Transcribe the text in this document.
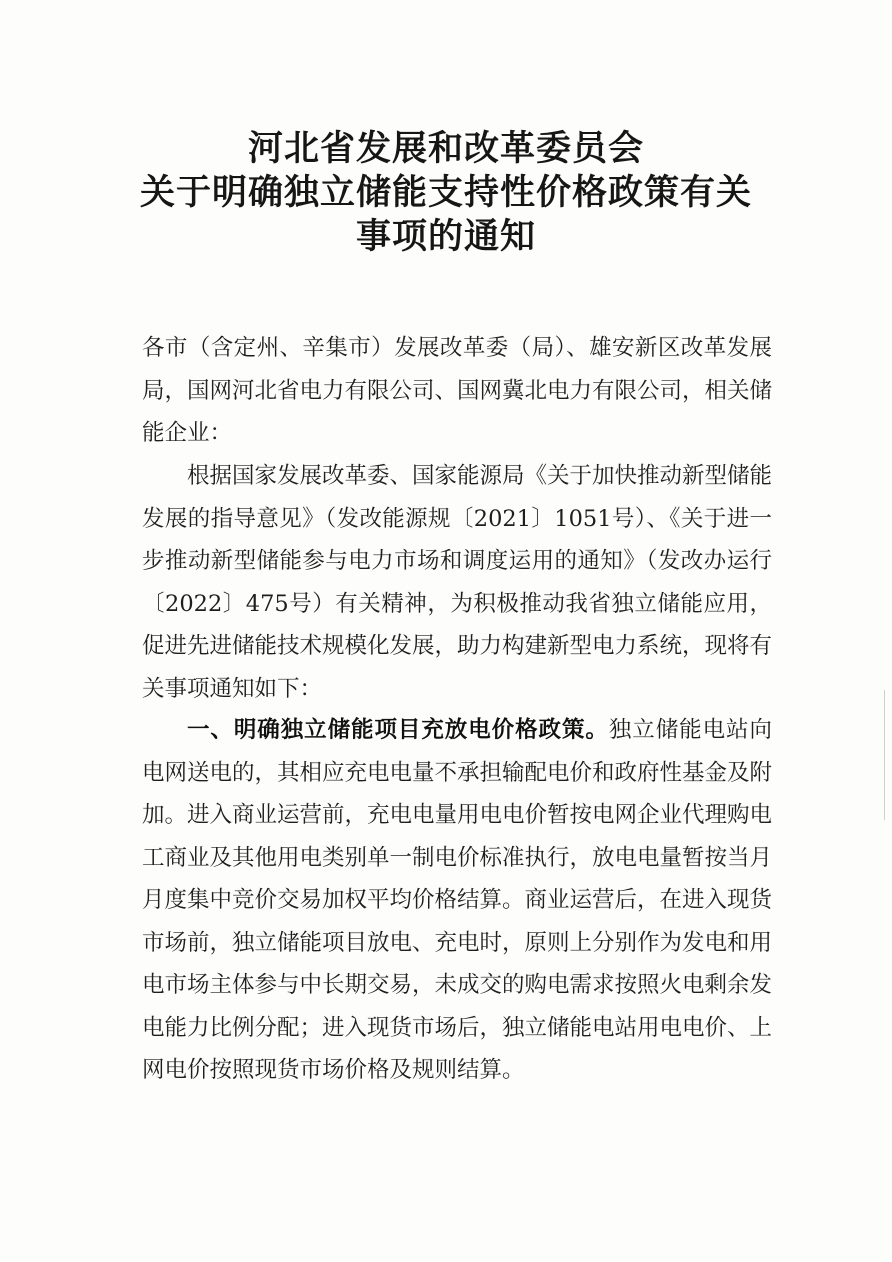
河北省发展和改革委员会
关于明确独立储能支持性价格政策有关
事项的通知

各市（含定州、辛集市）发展改革委（局）、雄安新区改革发展局，国网河北省电力有限公司、国网冀北电力有限公司，相关储能企业：

根据国家发展改革委、国家能源局《关于加快推动新型储能发展的指导意见》（发改能源规〔2021〕1051号）、《关于进一步推动新型储能参与电力市场和调度运用的通知》（发改办运行〔2022〕475号）有关精神，为积极推动我省独立储能应用，促进先进储能技术规模化发展，助力构建新型电力系统，现将有关事项通知如下：

一、明确独立储能项目充放电价格政策。独立储能电站向电网送电的，其相应充电电量不承担输配电价和政府性基金及附加。进入商业运营前，充电电量用电电价暂按电网企业代理购电工商业及其他用电类别单一制电价标准执行，放电电量暂按当月月度集中竞价交易加权平均价格结算。商业运营后，在进入现货市场前，独立储能项目放电、充电时，原则上分别作为发电和用电市场主体参与中长期交易，未成交的购电需求按照火电剩余发电能力比例分配；进入现货市场后，独立储能电站用电电价、上网电价按照现货市场价格及规则结算。
